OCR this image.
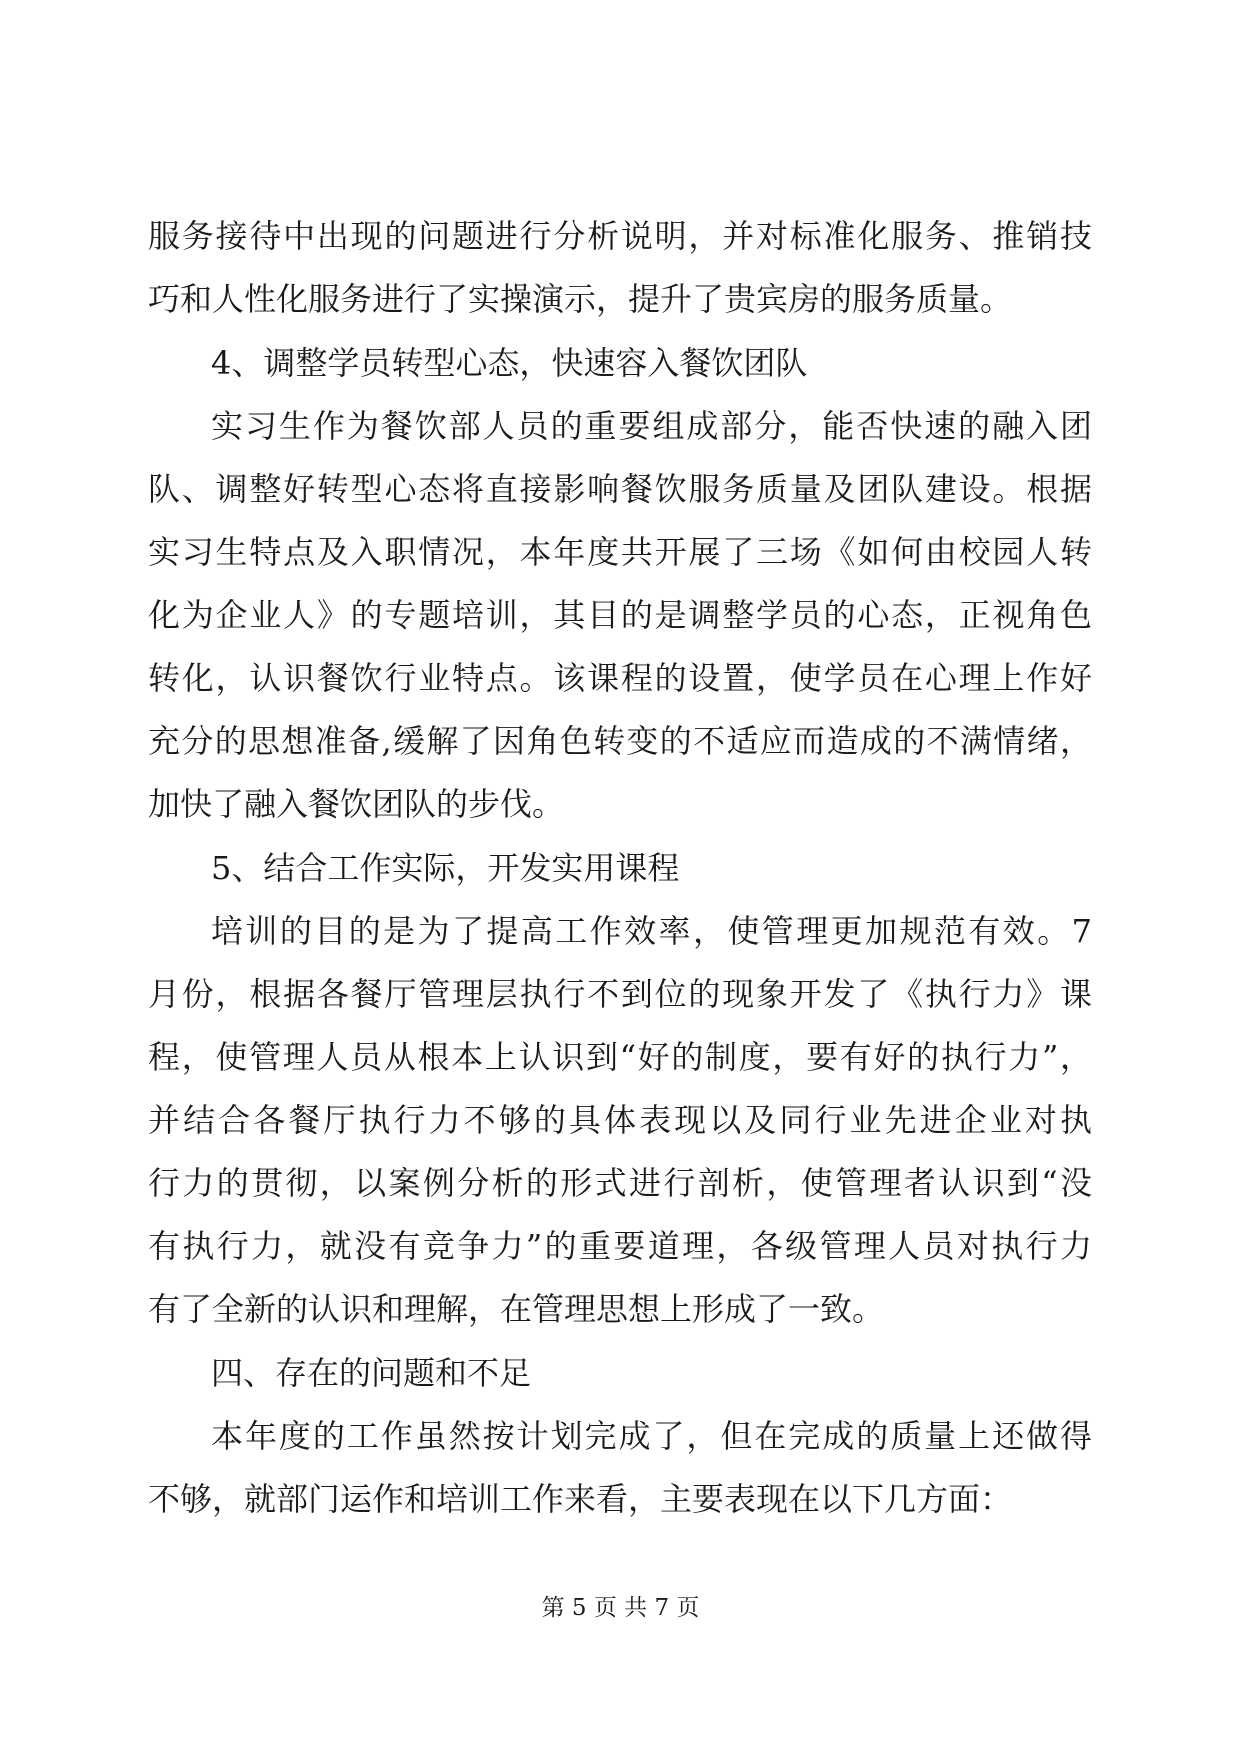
服务接待中出现的问题进行分析说明，并对标准化服务、推销技
巧和人性化服务进行了实操演示，提升了贵宾房的服务质量。
4、调整学员转型心态，快速容入餐饮团队
实习生作为餐饮部人员的重要组成部分，能否快速的融入团
队、调整好转型心态将直接影响餐饮服务质量及团队建设。根据
实习生特点及入职情况，本年度共开展了三场《如何由校园人转
化为企业人》的专题培训，其目的是调整学员的心态，正视角色
转化，认识餐饮行业特点。该课程的设置，使学员在心理上作好
充分的思想准备,缓解了因角色转变的不适应而造成的不满情绪，
加快了融入餐饮团队的步伐。
5、结合工作实际，开发实用课程
培训的目的是为了提高工作效率，使管理更加规范有效。7
月份，根据各餐厅管理层执行不到位的现象开发了《执行力》课
程，使管理人员从根本上认识到“好的制度，要有好的执行力”，
并结合各餐厅执行力不够的具体表现以及同行业先进企业对执
行力的贯彻，以案例分析的形式进行剖析，使管理者认识到“没
有执行力，就没有竞争力”的重要道理，各级管理人员对执行力
有了全新的认识和理解，在管理思想上形成了一致。
四、存在的问题和不足
本年度的工作虽然按计划完成了，但在完成的质量上还做得
不够，就部门运作和培训工作来看，主要表现在以下几方面：
第 5 页 共 7 页
